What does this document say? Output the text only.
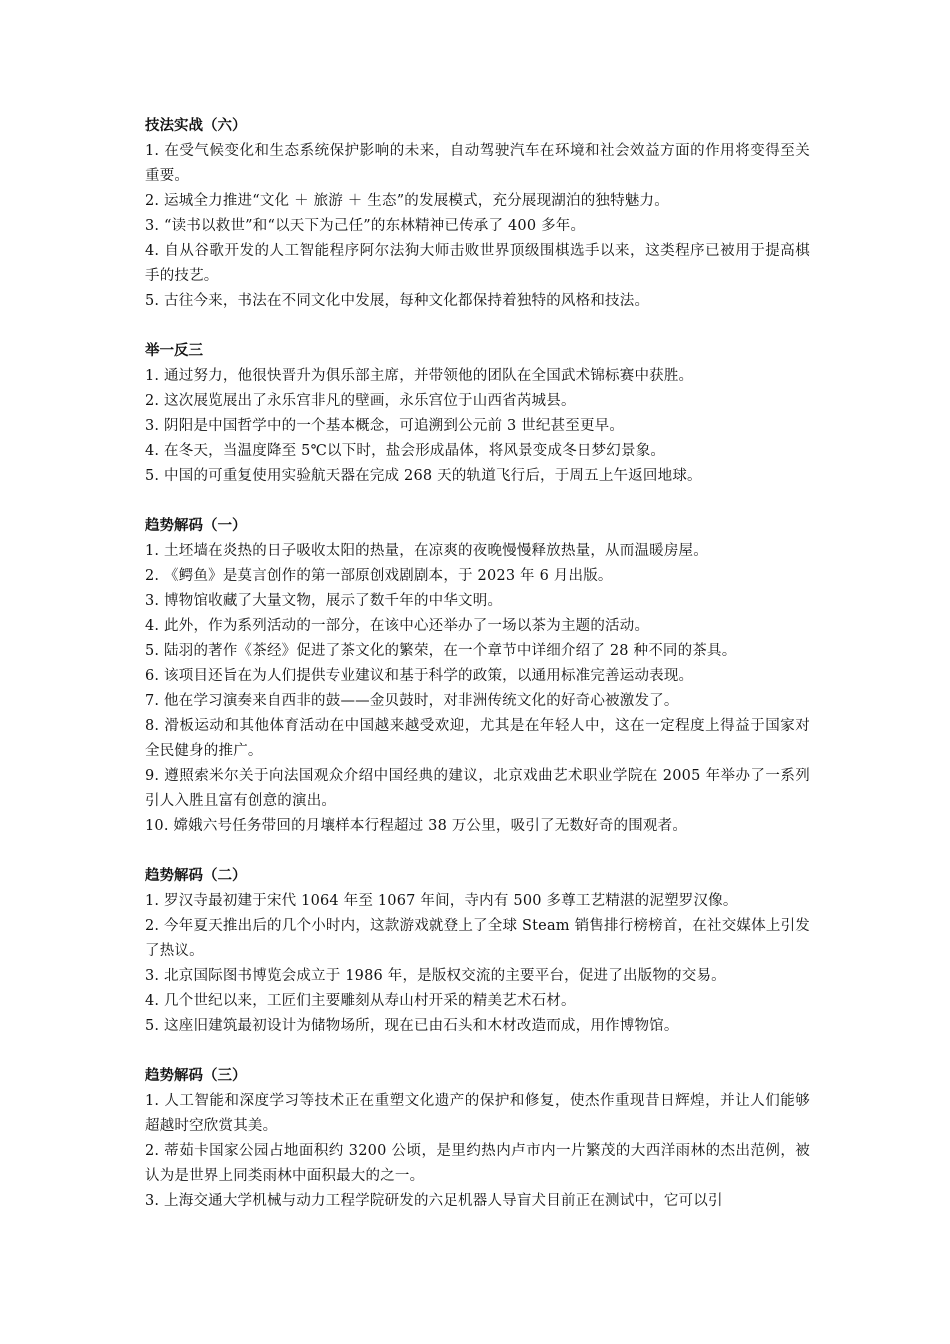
技法实战（六）

1. 在受气候变化和生态系统保护影响的未来，自动驾驶汽车在环境和社会效益方面的作用将变得至关重要。

2. 运城全力推进“文化 ＋ 旅游 ＋ 生态”的发展模式，充分展现湖泊的独特魅力。

3. “读书以救世”和“以天下为己任”的东林精神已传承了 400 多年。

4. 自从谷歌开发的人工智能程序阿尔法狗大师击败世界顶级围棋选手以来，这类程序已被用于提高棋手的技艺。

5. 古往今来，书法在不同文化中发展，每种文化都保持着独特的风格和技法。

举一反三

1. 通过努力，他很快晋升为俱乐部主席，并带领他的团队在全国武术锦标赛中获胜。

2. 这次展览展出了永乐宫非凡的壁画，永乐宫位于山西省芮城县。

3. 阴阳是中国哲学中的一个基本概念，可追溯到公元前 3 世纪甚至更早。

4. 在冬天，当温度降至 5℃以下时，盐会形成晶体，将风景变成冬日梦幻景象。

5. 中国的可重复使用实验航天器在完成 268 天的轨道飞行后，于周五上午返回地球。

趋势解码（一）

1. 土坯墙在炎热的日子吸收太阳的热量，在凉爽的夜晚慢慢释放热量，从而温暖房屋。

2. 《鳄鱼》是莫言创作的第一部原创戏剧剧本，于 2023 年 6 月出版。

3. 博物馆收藏了大量文物，展示了数千年的中华文明。

4. 此外，作为系列活动的一部分，在该中心还举办了一场以茶为主题的活动。

5. 陆羽的著作《茶经》促进了茶文化的繁荣，在一个章节中详细介绍了 28 种不同的茶具。

6. 该项目还旨在为人们提供专业建议和基于科学的政策，以通用标准完善运动表现。

7. 他在学习演奏来自西非的鼓——金贝鼓时，对非洲传统文化的好奇心被激发了。

8. 滑板运动和其他体育活动在中国越来越受欢迎，尤其是在年轻人中，这在一定程度上得益于国家对全民健身的推广。

9. 遵照索米尔关于向法国观众介绍中国经典的建议，北京戏曲艺术职业学院在 2005 年举办了一系列引人入胜且富有创意的演出。

10. 嫦娥六号任务带回的月壤样本行程超过 38 万公里，吸引了无数好奇的围观者。

趋势解码（二）

1. 罗汉寺最初建于宋代 1064 年至 1067 年间，寺内有 500 多尊工艺精湛的泥塑罗汉像。

2. 今年夏天推出后的几个小时内，这款游戏就登上了全球 Steam 销售排行榜榜首，在社交媒体上引发了热议。

3. 北京国际图书博览会成立于 1986 年，是版权交流的主要平台，促进了出版物的交易。

4. 几个世纪以来，工匠们主要雕刻从寿山村开采的精美艺术石材。

5. 这座旧建筑最初设计为储物场所，现在已由石头和木材改造而成，用作博物馆。

趋势解码（三）

1. 人工智能和深度学习等技术正在重塑文化遗产的保护和修复，使杰作重现昔日辉煌，并让人们能够超越时空欣赏其美。

2. 蒂茹卡国家公园占地面积约 3200 公顷，是里约热内卢市内一片繁茂的大西洋雨林的杰出范例，被认为是世界上同类雨林中面积最大的之一。

3. 上海交通大学机械与动力工程学院研发的六足机器人导盲犬目前正在测试中，它可以引
